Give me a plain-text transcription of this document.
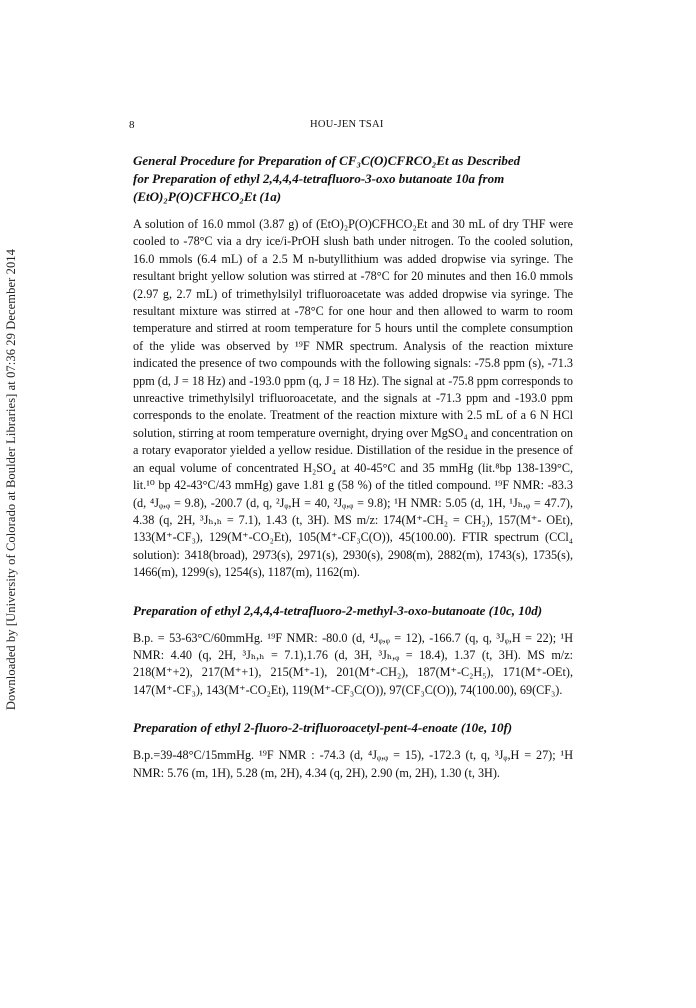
Downloaded by [University of Colorado at Boulder Libraries] at 07:36 29 December 2014
8	HOU-JEN TSAI
General Procedure for Preparation of CF₃C(O)CFRCO₂Et as Described
for Preparation of ethyl 2,4,4,4-tetrafluoro-3-oxo butanoate 10a from
(EtO)₂P(O)CFHCO₂Et (1a)

A solution of 16.0 mmol (3.87 g) of (EtO)₂P(O)CFHCO₂Et and 30 mL of dry THF were cooled to -78°C via a dry ice/i-PrOH slush bath under nitrogen. To the cooled solution, 16.0 mmols (6.4 mL) of a 2.5 M n-butyllithium was added dropwise via syringe. The resultant bright yellow solution was stirred at -78°C for 20 minutes and then 16.0 mmols (2.97 g, 2.7 mL) of trimethylsilyl trifluoroacetate was added dropwise via syringe. The resultant mixture was stirred at -78°C for one hour and then allowed to warm to room temperature and stirred at room temperature for 5 hours until the complete consumption of the ylide was observed by ¹⁹F NMR spectrum. Analysis of the reaction mixture indicated the presence of two compounds with the following signals: -75.8 ppm (s), -71.3 ppm (d, J = 18 Hz) and -193.0 ppm (q, J = 18 Hz). The signal at -75.8 ppm corresponds to unreactive trimethylsilyl trifluoroacetate, and the signals at -71.3 ppm and -193.0 ppm corresponds to the enolate. Treatment of the reaction mixture with 2.5 mL of a 6 N HCl solution, stirring at room temperature overnight, drying over MgSO₄ and concentration on a rotary evaporator yielded a yellow residue. Distillation of the residue in the presence of an equal volume of concentrated H₂SO₄ at 40-45°C and 35 mmHg (lit.⁸bp 138-139°C, lit.¹⁰ bp 42-43°C/43 mmHg) gave 1.81 g (58 %) of the titled compound. ¹⁹F NMR: -83.3 (d, ⁴Jᵩ,ᵩ = 9.8), -200.7 (d, q, ²Jᵩ,H = 40, ²Jᵩ,ᵩ = 9.8); ¹H NMR: 5.05 (d, 1H, ¹Jₕ,ᵩ = 47.7), 4.38 (q, 2H, ³Jₕ,ₕ = 7.1), 1.43 (t, 3H). MS m/z: 174(M⁺-CH₂ = CH₂), 157(M⁺- OEt), 133(M⁺-CF₃), 129(M⁺-CO₂Et), 105(M⁺-CF₃C(O)), 45(100.00). FTIR spectrum (CCl₄ solution): 3418(broad), 2973(s), 2971(s), 2930(s), 2908(m), 2882(m), 1743(s), 1735(s), 1466(m), 1299(s), 1254(s), 1187(m), 1162(m).

Preparation of ethyl 2,4,4,4-tetrafluoro-2-methyl-3-oxo-butanoate (10c, 10d)

B.p. = 53-63°C/60mmHg. ¹⁹F NMR: -80.0 (d, ⁴Jᵩ,ᵩ = 12), -166.7 (q, q, ³Jᵩ,H = 22); ¹H NMR: 4.40 (q, 2H, ³Jₕ,ₕ = 7.1),1.76 (d, 3H, ³Jₕ,ᵩ = 18.4), 1.37 (t, 3H). MS m/z: 218(M⁺+2), 217(M⁺+1), 215(M⁺-1), 201(M⁺-CH₂), 187(M⁺-C₂H₅), 171(M⁺-OEt), 147(M⁺-CF₃), 143(M⁺-CO₂Et), 119(M⁺-CF₃C(O)), 97(CF₃C(O)), 74(100.00), 69(CF₃).

Preparation of ethyl 2-fluoro-2-trifluoroacetyl-pent-4-enoate (10e, 10f)

B.p.=39-48°C/15mmHg. ¹⁹F NMR : -74.3 (d, ⁴Jᵩ,ᵩ = 15), -172.3 (t, q, ³Jᵩ,H = 27); ¹H NMR: 5.76 (m, 1H), 5.28 (m, 2H), 4.34 (q, 2H), 2.90 (m, 2H), 1.30 (t, 3H).
